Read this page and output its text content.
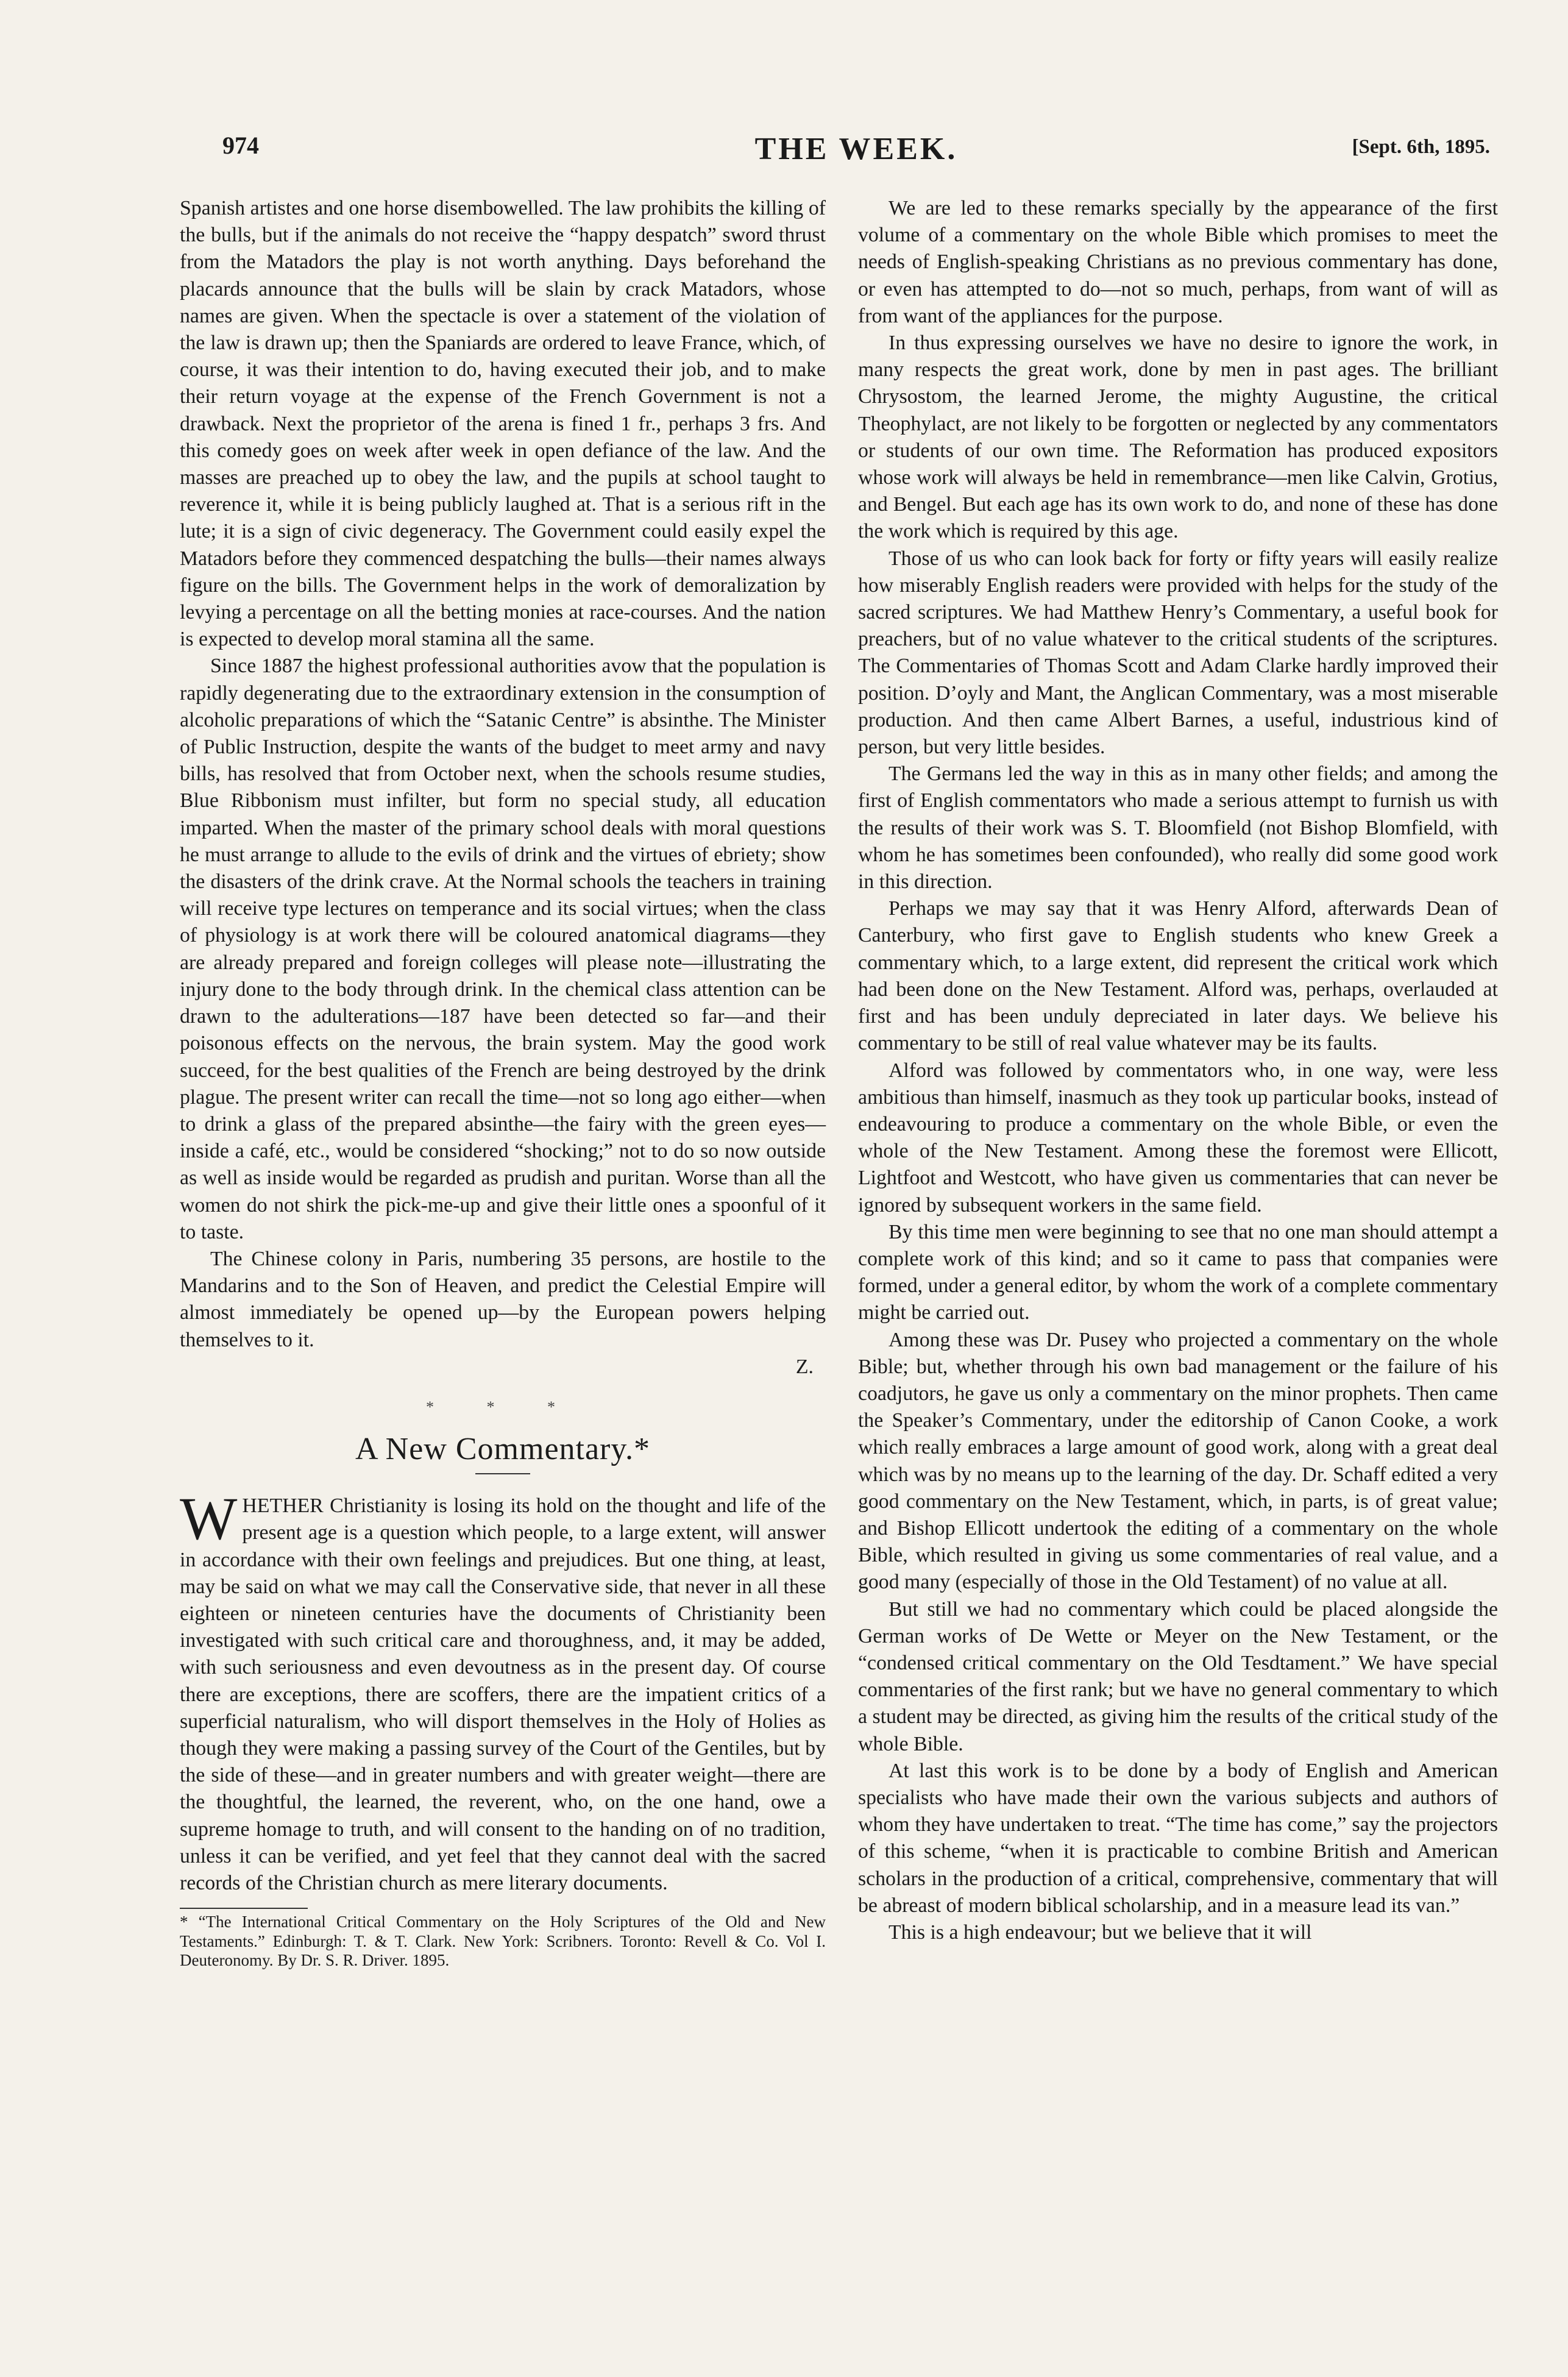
974	THE WEEK.	[Sept. 6th, 1895.

Spanish artistes and one horse disembowelled. The law prohibits the killing of the bulls, but if the animals do not receive the “happy despatch” sword thrust from the Matadors the play is not worth anything. Days beforehand the placards announce that the bulls will be slain by crack Matadors, whose names are given. When the spectacle is over a statement of the violation of the law is drawn up; then the Spaniards are ordered to leave France, which, of course, it was their intention to do, having executed their job, and to make their return voyage at the expense of the French Government is not a drawback. Next the proprietor of the arena is fined 1 fr., perhaps 3 frs. And this comedy goes on week after week in open defiance of the law. And the masses are preached up to obey the law, and the pupils at school taught to reverence it, while it is being publicly laughed at. That is a serious rift in the lute; it is a sign of civic degeneracy. The Government could easily expel the Matadors before they commenced despatching the bulls—their names always figure on the bills. The Government helps in the work of demoralization by levying a percentage on all the betting monies at race-courses. And the nation is expected to develop moral stamina all the same.

Since 1887 the highest professional authorities avow that the population is rapidly degenerating due to the extraordinary extension in the consumption of alcoholic preparations of which the “Satanic Centre” is absinthe. The Minister of Public Instruction, despite the wants of the budget to meet army and navy bills, has resolved that from October next, when the schools resume studies, Blue Ribbonism must infilter, but form no special study, all education imparted. When the master of the primary school deals with moral questions he must arrange to allude to the evils of drink and the virtues of ebriety; show the disasters of the drink crave. At the Normal schools the teachers in training will receive type lectures on temperance and its social virtues; when the class of physiology is at work there will be coloured anatomical diagrams—they are already prepared and foreign colleges will please note—illustrating the injury done to the body through drink. In the chemical class attention can be drawn to the adulterations—187 have been detected so far—and their poisonous effects on the nervous, the brain system. May the good work succeed, for the best qualities of the French are being destroyed by the drink plague. The present writer can recall the time—not so long ago either—when to drink a glass of the prepared absinthe—the fairy with the green eyes—inside a café, etc., would be considered “shocking;” not to do so now outside as well as inside would be regarded as prudish and puritan. Worse than all the women do not shirk the pick-me-up and give their little ones a spoonful of it to taste.

The Chinese colony in Paris, numbering 35 persons, are hostile to the Mandarins and to the Son of Heaven, and predict the Celestial Empire will almost immediately be opened up—by the European powers helping themselves to it.

Z.

* * *
A New Commentary.*

WHETHER Christianity is losing its hold on the thought and life of the present age is a question which people, to a large extent, will answer in accordance with their own feelings and prejudices. But one thing, at least, may be said on what we may call the Conservative side, that never in all these eighteen or nineteen centuries have the documents of Christianity been investigated with such critical care and thoroughness, and, it may be added, with such seriousness and even devoutness as in the present day. Of course there are exceptions, there are scoffers, there are the impatient critics of a superficial naturalism, who will disport themselves in the Holy of Holies as though they were making a passing survey of the Court of the Gentiles, but by the side of these—and in greater numbers and with greater weight—there are the thoughtful, the learned, the reverent, who, on the one hand, owe a supreme homage to truth, and will consent to the handing on of no tradition, unless it can be verified, and yet feel that they cannot deal with the sacred records of the Christian church as mere literary documents.

* “The International Critical Commentary on the Holy Scriptures of the Old and New Testaments.” Edinburgh: T. & T. Clark. New York: Scribners. Toronto: Revell & Co. Vol I. Deuteronomy. By Dr. S. R. Driver. 1895.

We are led to these remarks specially by the appearance of the first volume of a commentary on the whole Bible which promises to meet the needs of English-speaking Christians as no previous commentary has done, or even has attempted to do—not so much, perhaps, from want of will as from want of the appliances for the purpose.

In thus expressing ourselves we have no desire to ignore the work, in many respects the great work, done by men in past ages. The brilliant Chrysostom, the learned Jerome, the mighty Augustine, the critical Theophylact, are not likely to be forgotten or neglected by any commentators or students of our own time. The Reformation has produced expositors whose work will always be held in remembrance—men like Calvin, Grotius, and Bengel. But each age has its own work to do, and none of these has done the work which is required by this age.

Those of us who can look back for forty or fifty years will easily realize how miserably English readers were provided with helps for the study of the sacred scriptures. We had Matthew Henry’s Commentary, a useful book for preachers, but of no value whatever to the critical students of the scriptures. The Commentaries of Thomas Scott and Adam Clarke hardly improved their position. D’oyly and Mant, the Anglican Commentary, was a most miserable production. And then came Albert Barnes, a useful, industrious kind of person, but very little besides.

The Germans led the way in this as in many other fields; and among the first of English commentators who made a serious attempt to furnish us with the results of their work was S. T. Bloomfield (not Bishop Blomfield, with whom he has sometimes been confounded), who really did some good work in this direction.

Perhaps we may say that it was Henry Alford, afterwards Dean of Canterbury, who first gave to English students who knew Greek a commentary which, to a large extent, did represent the critical work which had been done on the New Testament. Alford was, perhaps, overlauded at first and has been unduly depreciated in later days. We believe his commentary to be still of real value whatever may be its faults.

Alford was followed by commentators who, in one way, were less ambitious than himself, inasmuch as they took up particular books, instead of endeavouring to produce a commentary on the whole Bible, or even the whole of the New Testament. Among these the foremost were Ellicott, Lightfoot and Westcott, who have given us commentaries that can never be ignored by subsequent workers in the same field.

By this time men were beginning to see that no one man should attempt a complete work of this kind; and so it came to pass that companies were formed, under a general editor, by whom the work of a complete commentary might be carried out.

Among these was Dr. Pusey who projected a commentary on the whole Bible; but, whether through his own bad management or the failure of his coadjutors, he gave us only a commentary on the minor prophets. Then came the Speaker’s Commentary, under the editorship of Canon Cooke, a work which really embraces a large amount of good work, along with a great deal which was by no means up to the learning of the day. Dr. Schaff edited a very good commentary on the New Testament, which, in parts, is of great value; and Bishop Ellicott undertook the editing of a commentary on the whole Bible, which resulted in giving us some commentaries of real value, and a good many (especially of those in the Old Testament) of no value at all.

But still we had no commentary which could be placed alongside the German works of De Wette or Meyer on the New Testament, or the “condensed critical commentary on the Old Tesdtament.” We have special commentaries of the first rank; but we have no general commentary to which a student may be directed, as giving him the results of the critical study of the whole Bible.

At last this work is to be done by a body of English and American specialists who have made their own the various subjects and authors of whom they have undertaken to treat. “The time has come,” say the projectors of this scheme, “when it is practicable to combine British and American scholars in the production of a critical, comprehensive, commentary that will be abreast of modern biblical scholarship, and in a measure lead its van.”

This is a high endeavour; but we believe that it will
